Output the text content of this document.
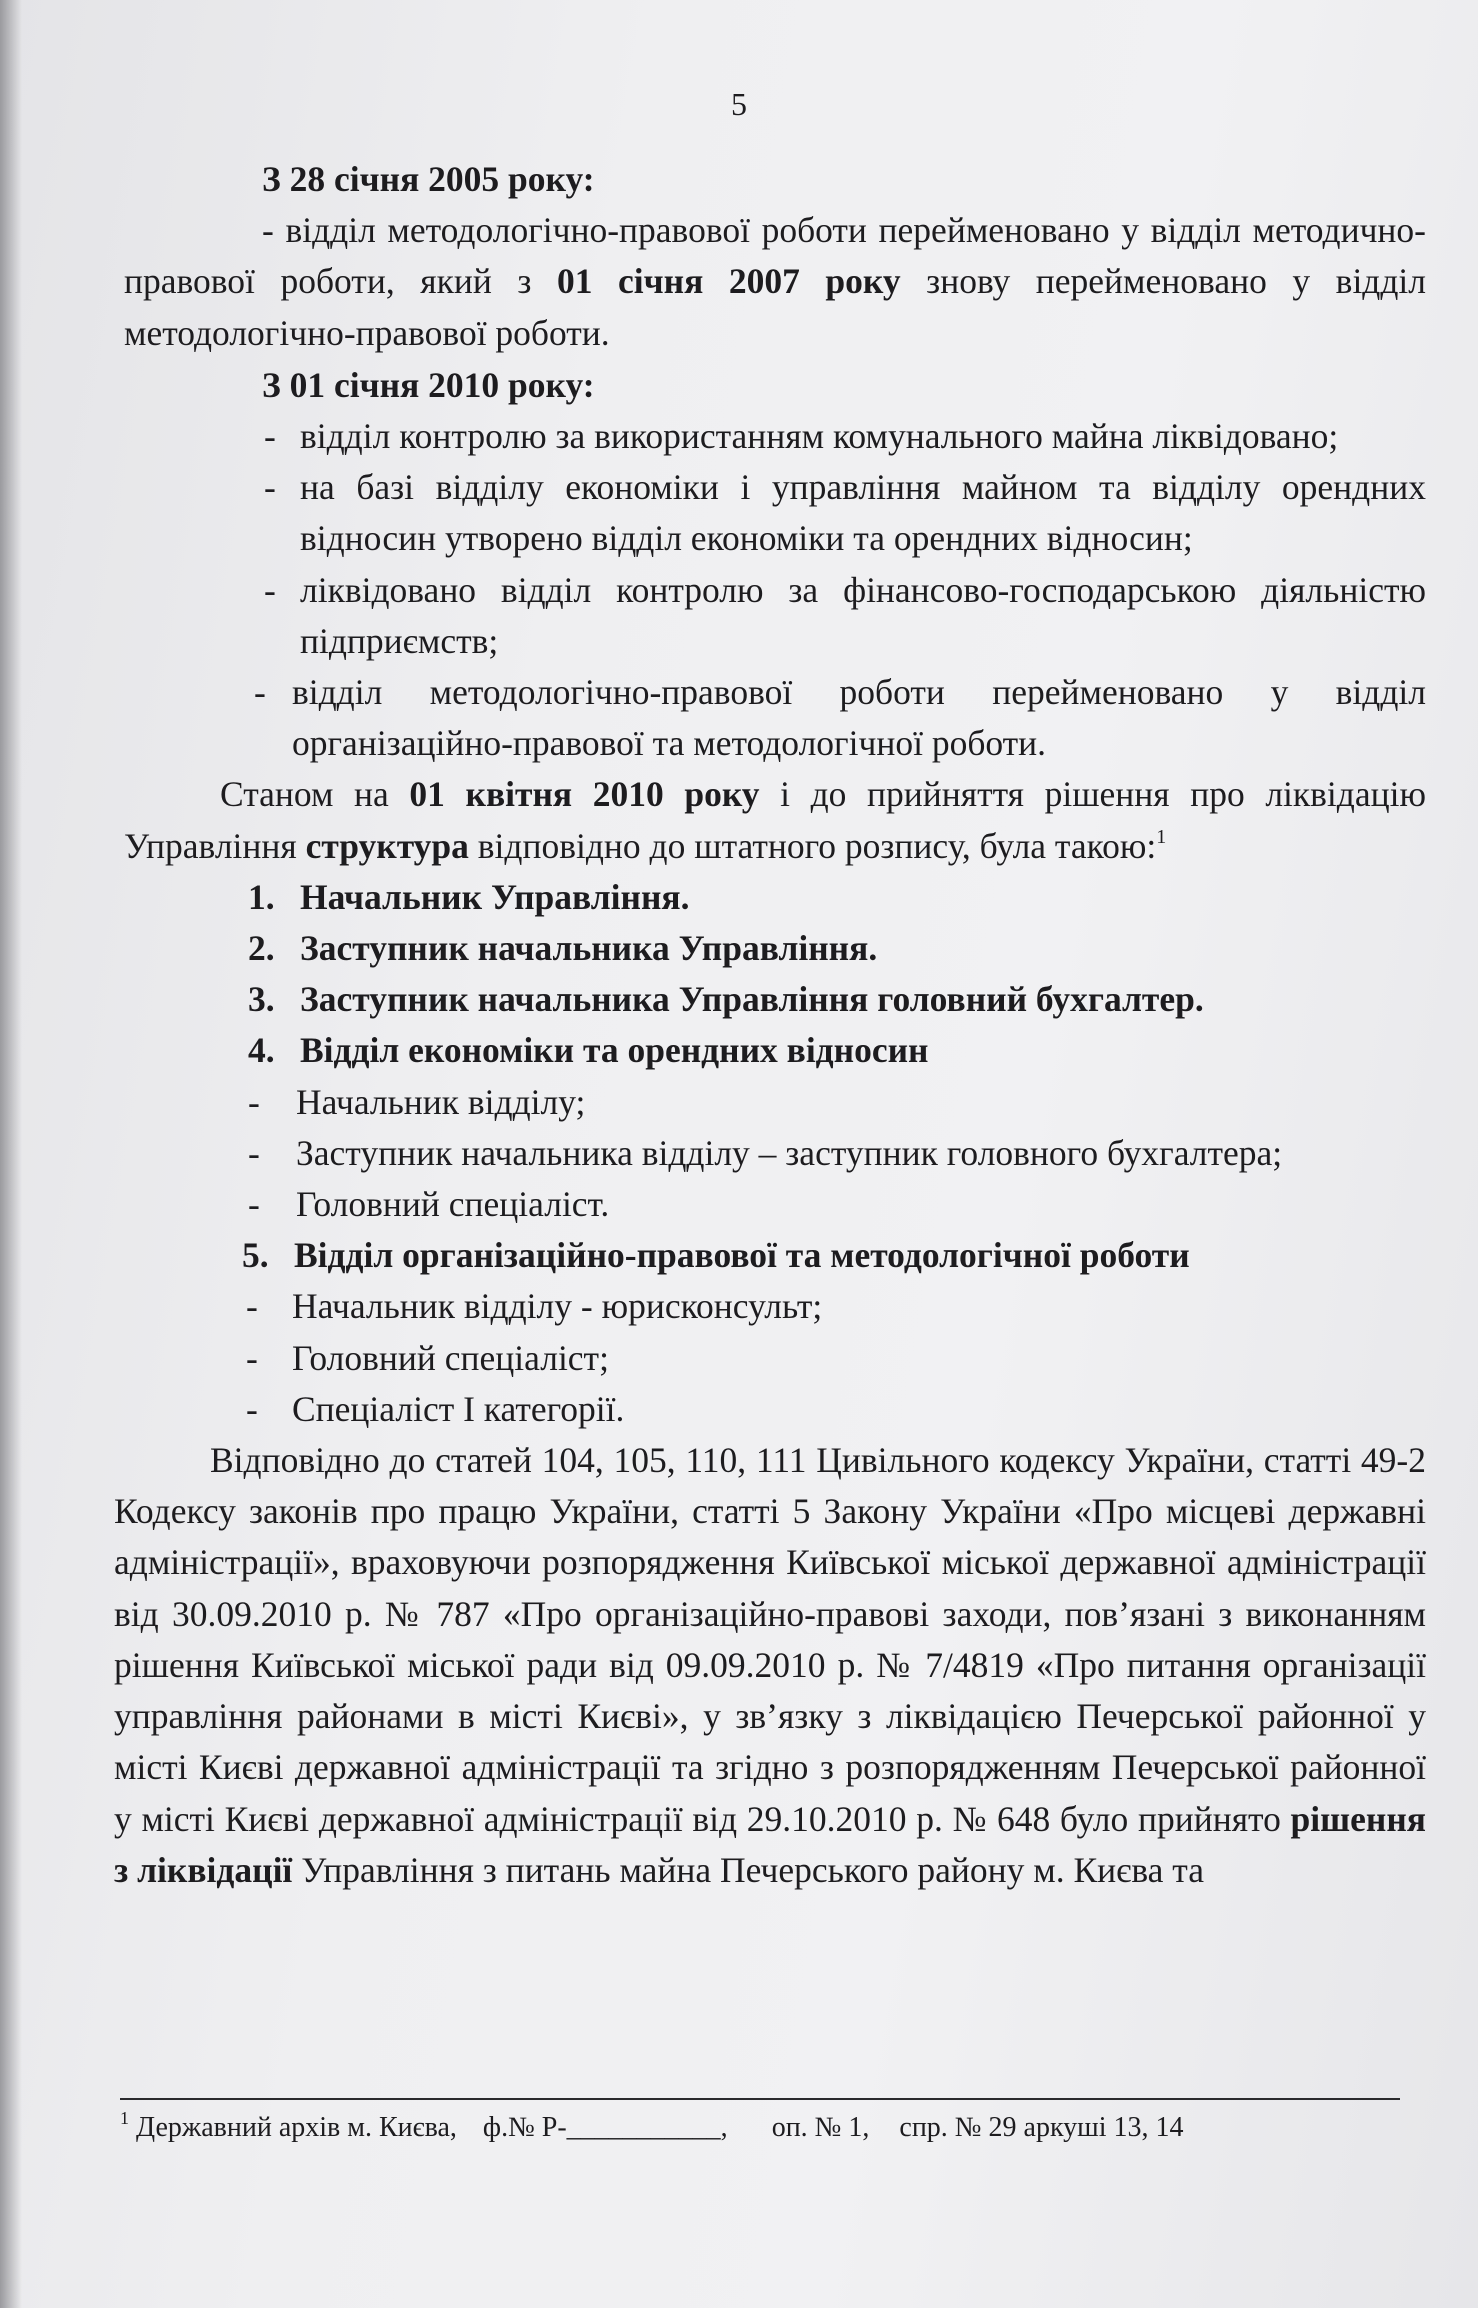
5

З 28 січня 2005 року:

- відділ методологічно-правової роботи перейменовано у відділ методично-правової роботи, який з 01 січня 2007 року знову перейменовано у відділ методологічно-правової роботи.

З 01 січня 2010 року:

- відділ контролю за використанням комунального майна ліквідовано;
- на базі відділу економіки і управління майном та відділу орендних відносин утворено відділ економіки та орендних відносин;
- ліквідовано відділ контролю за фінансово-господарською діяльністю підприємств;
- відділ методологічно-правової роботи перейменовано у відділ організаційно-правової та методологічної роботи.

Станом на 01 квітня 2010 року і до прийняття рішення про ліквідацію Управління структура відповідно до штатного розпису, була такою:$^1$

1. Начальник Управління.

2. Заступник начальника Управління.

3. Заступник начальника Управління головний бухгалтер.

4. Відділ економіки та орендних відносин

- Начальник відділу;
- Заступник начальника відділу – заступник головного бухгалтера;
- Головний спеціаліст.

5. Відділ організаційно-правової та методологічної роботи

- Начальник відділу - юрисконсульт;
- Головний спеціаліст;
- Спеціаліст І категорії.

Відповідно до статей 104, 105, 110, 111 Цивільного кодексу України, статті 49-2 Кодексу законів про працю України, статті 5 Закону України «Про місцеві державні адміністрації», враховуючи розпорядження Київської міської державної адміністрації від 30.09.2010 р. № 787 «Про організаційно-правові заходи, пов’язані з виконанням рішення Київської міської ради від 09.09.2010 р. № 7/4819 «Про питання організації управління районами в місті Києві», у зв’язку з ліквідацією Печерської районної у місті Києві державної адміністрації та згідно з розпорядженням Печерської районної у місті Києві державної адміністрації від 29.10.2010 р. № 648 було прийнято рішення з ліквідації Управління з питань майна Печерського району м. Києва та

$^1$ Державний архів м. Києва, ф.№ Р-___________, оп. № 1, спр. № 29 аркуші 13, 14
